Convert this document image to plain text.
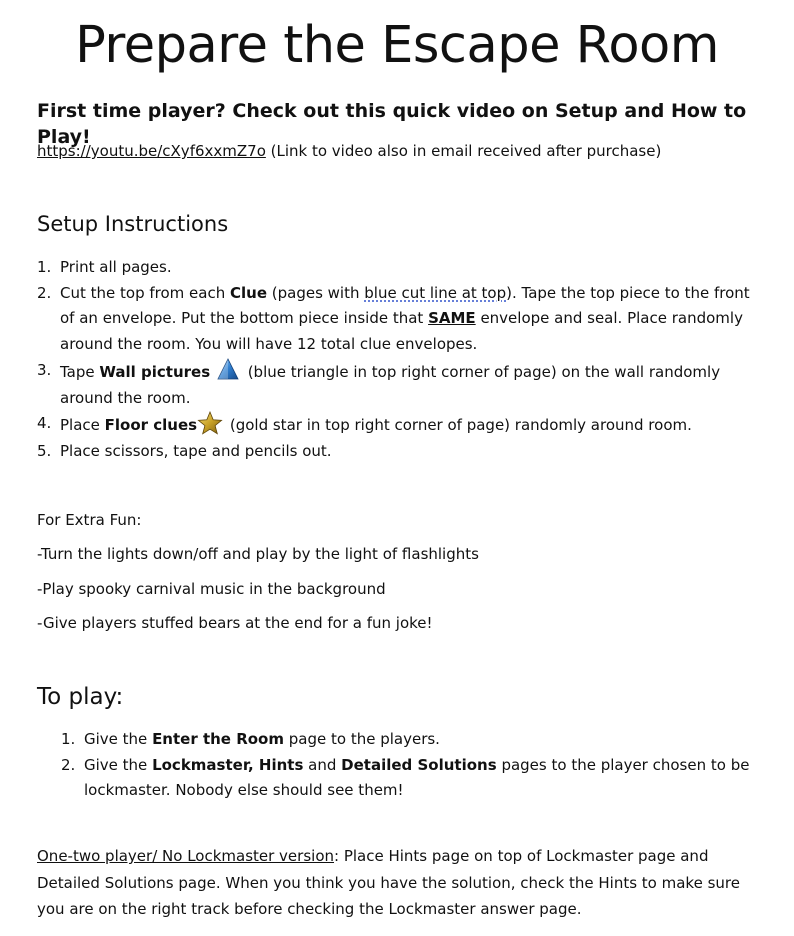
Prepare the Escape Room

First time player? Check out this quick video on Setup and How to Play!

https://youtu.be/cXyf6xxmZ7o (Link to video also in email received after purchase)

Setup Instructions
1. Print all pages.
2. Cut the top from each Clue (pages with blue cut line at top). Tape the top piece to the front of an envelope. Put the bottom piece inside that SAME envelope and seal. Place randomly around the room. You will have 12 total clue envelopes.
3. Tape Wall pictures  (blue triangle in top right corner of page) on the wall randomly around the room.
4. Place Floor clues (gold star in top right corner of page) randomly around room.
5. Place scissors, tape and pencils out.

For Extra Fun:

-Turn the lights down/off and play by the light of flashlights

-Play spooky carnival music in the background

-Give players stuffed bears at the end for a fun joke!

To play:
1. Give the Enter the Room page to the players.
2. Give the Lockmaster, Hints and Detailed Solutions pages to the player chosen to be lockmaster. Nobody else should see them!

One-two player/ No Lockmaster version: Place Hints page on top of Lockmaster page and Detailed Solutions page. When you think you have the solution, check the Hints to make sure you are on the right track before checking the Lockmaster answer page.
